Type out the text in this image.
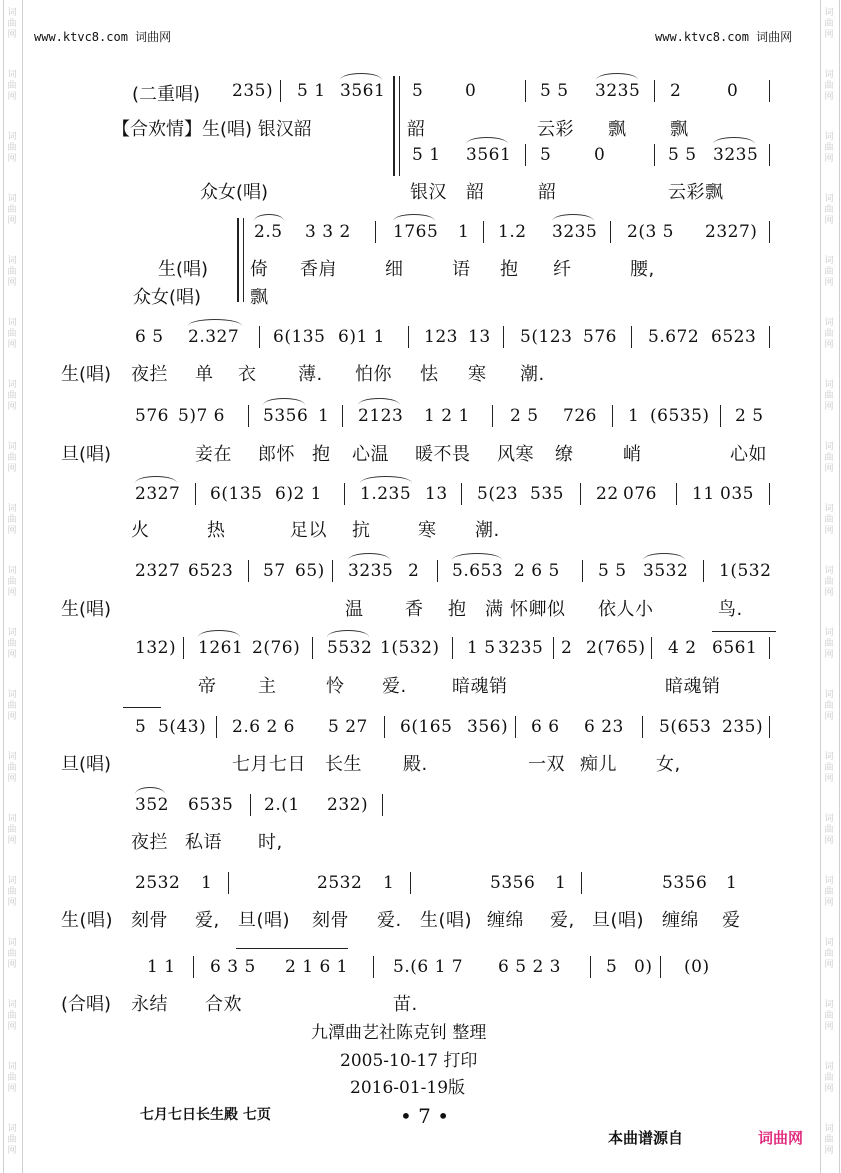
词
曲
网
词
曲
网
词
曲
网
词
曲
网
词
曲
网
词
曲
网
词
曲
网
词
曲
网
词
曲
网
词
曲
网
词
曲
网
词
曲
网
词
曲
网
词
曲
网
词
曲
网
词
曲
网
词
曲
网
词
曲
网
词
曲
网
词
曲
网
词
曲
网
词
曲
网
词
曲
网
词
曲
网
词
曲
网
词
曲
网
词
曲
网
词
曲
网
词
曲
网
词
曲
网
词
曲
网
词
曲
网
词
曲
网
词
曲
网
词
曲
网
词
曲
网
词
曲
网
词
曲
网
www.ktvc8.com 词曲网	www.ktvc8.com 词曲网
(二重唱) 235) 5 1 3561 5 0	5 5 3235 2	0
【合欢情】生(唱) 银汉韶	韶	云彩 飘 飘
5 1 3561 5	0	5 5 3235
众女(唱)	银汉 韶	韶	云彩飘
2.5 3 3 2 1765 1 1.2 3235 2(3 5 2327)
生(唱) 倚 香肩	细	语 抱 纤	腰,
众女(唱)	飘
6 5 2.327 6(135 6)1 1 123 13 5(123 576 5.672 6523
生(唱) 夜拦 单 衣 薄. 怕你 怯 寒 潮.
576 5)7 6 5356 1 2123 1 2 1 2 5 726 1 (6535) 2 5
旦(唱)	妾在 郎怀 抱 心温 暖不畏 风寒 缭	峭	心如
2327 6(135 6)2 1 1.235 13 5(23 535 22 076 11 035
火	热	足以 抗	寒 潮.
2327 6523 57 65) 3235 2 5.653 2 6 5 5 5 3532 1(532
生(唱)	温 香 抱 满 怀卿似 依人小	鸟.
132) 1261 2(76) 5532 1(532) 1 5 3235 2 2(765) 4 2 6561
帝 主	怜 爱.	暗魂销	暗魂销
5 5(43) 2.6 2 6 5 27 6(165 356) 6 6 6 23 5(653 235)
旦(唱)	七月七日 长生 殿.	一双 痴儿 女,
352 6535 2.(1 232)
夜拦 私语 时,
2532 1	2532 1	5356 1	5356 1
生(唱) 刻骨 爱, 旦(唱) 刻骨 爱. 生(唱) 缠绵 爱, 旦(唱) 缠绵 爱
1 1 6 3 5 2 1 6 1	5.(6 1 7 6 5 2 3	5 0) (0)
(合唱) 永结 合欢	苗.
九潭曲艺社陈克钊 整理
2005-10-17 打印
2016-01-19版
七月七日长生殿 七页	• 7 •
本曲谱源自	词曲网
